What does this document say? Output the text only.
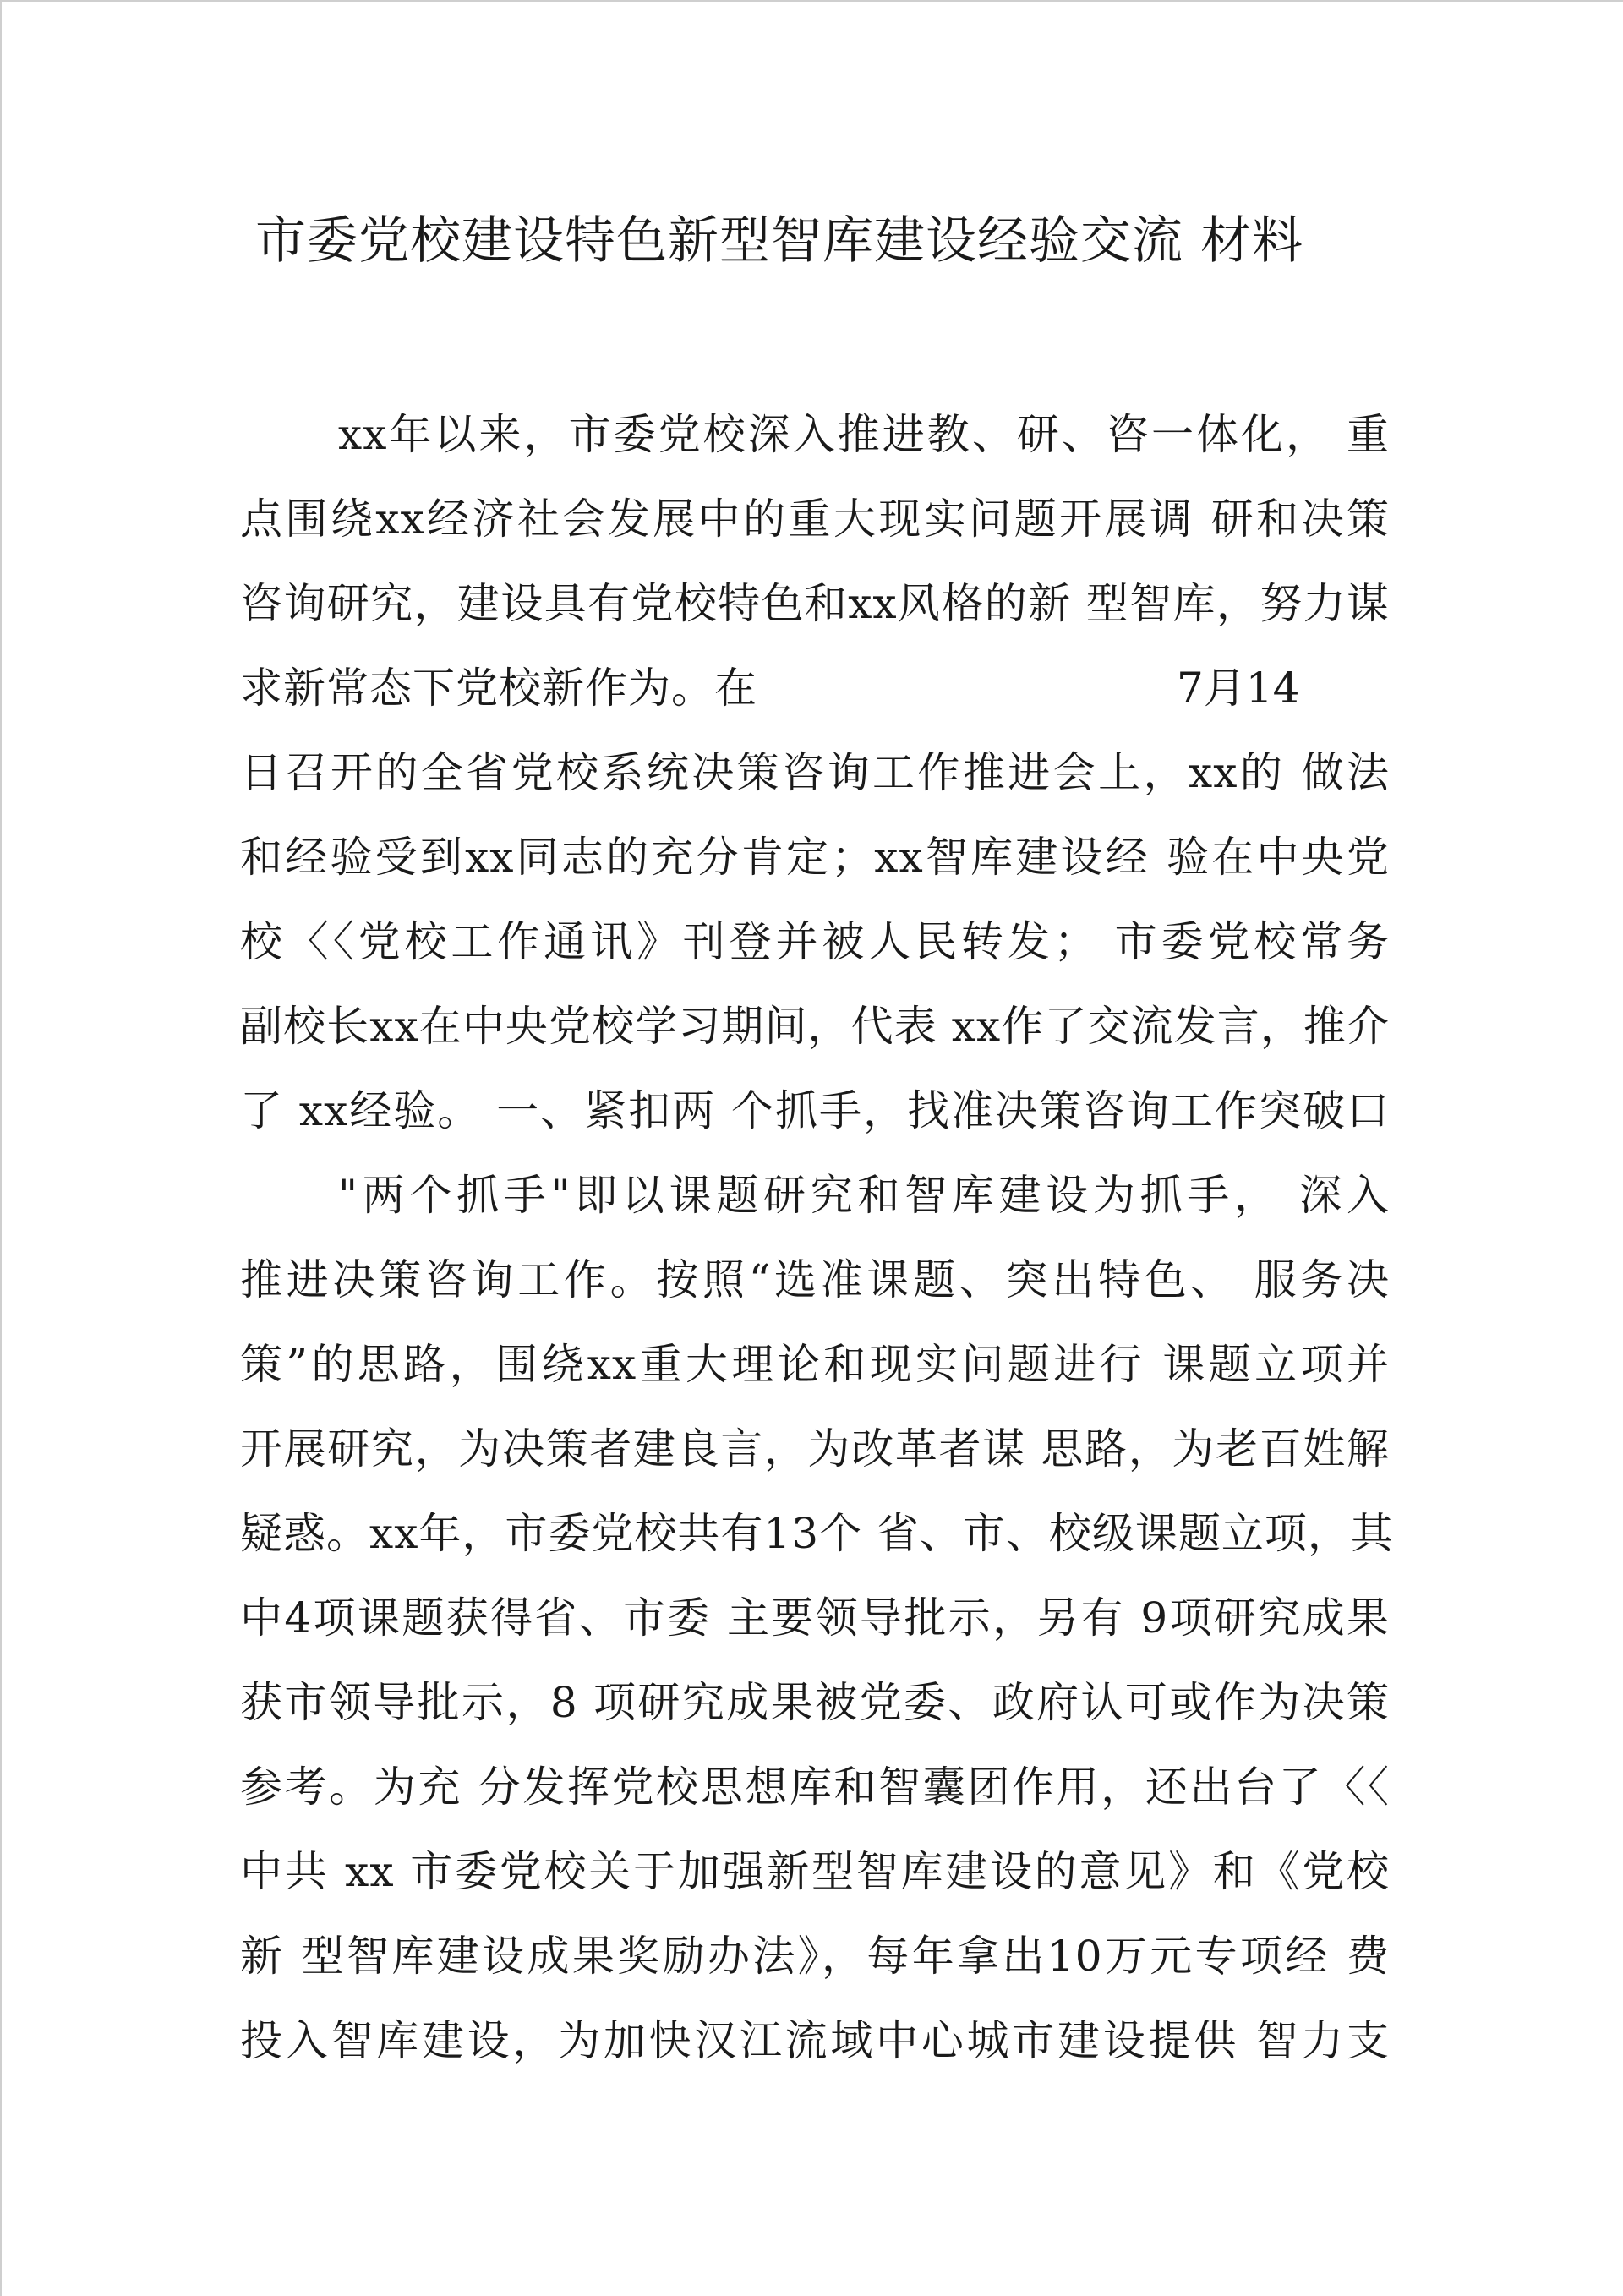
市委党校建设特色新型智库建设经验交流 材料
xx年以来，市委党校深入推进教、研、咨一体化， 重
点围绕xx经济社会发展中的重大现实问题开展调 研和决策
咨询研究，建设具有党校特色和xx风格的新 型智库，努力谋
求新常态下党校新作为。在	7月14
日召开的全省党校系统决策咨询工作推进会上，xx的 做法
和经验受到xx同志的充分肯定；xx智库建设经 验在中央党
校〈〈党校工作通讯》刊登并被人民转发； 市委党校常务
副校长xx在中央党校学习期间，代表 xx作了交流发言，推介
了 xx经验。 一、紧扣两 个抓手，找准决策咨询工作突破口
"两个抓手"即以课题研究和智库建设为抓手， 深入
推进决策咨询工作。按照“选准课题、突出特色、 服务决
策”的思路，围绕xx重大理论和现实问题进行 课题立项并
开展研究，为决策者建良言，为改革者谋 思路，为老百姓解
疑惑。xx年，市委党校共有13个 省、市、校级课题立项，其
中4项课题获得省、市委 主要领导批示，另有 9项研究成果
获市领导批示，8 项研究成果被党委、政府认可或作为决策
参考。为充 分发挥党校思想库和智囊团作用，还出台了〈〈
中共 xx 市委党校关于加强新型智库建设的意见》和《党校
新 型智库建设成果奖励办法》，每年拿出10万元专项经 费
投入智库建设，为加快汉江流域中心城市建设提供 智力支
